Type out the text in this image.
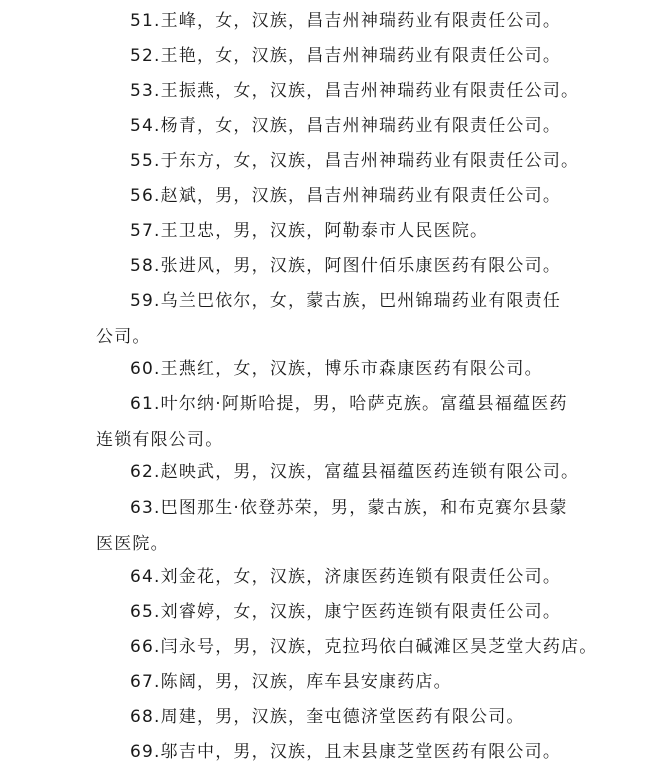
51.王峰，女，汉族，昌吉州神瑞药业有限责任公司。
52.王艳，女，汉族，昌吉州神瑞药业有限责任公司。
53.王振燕，女，汉族，昌吉州神瑞药业有限责任公司。
54.杨青，女，汉族，昌吉州神瑞药业有限责任公司。
55.于东方，女，汉族，昌吉州神瑞药业有限责任公司。
56.赵斌，男，汉族，昌吉州神瑞药业有限责任公司。
57.王卫忠，男，汉族，阿勒泰市人民医院。
58.张进风，男，汉族，阿图什佰乐康医药有限公司。
59.乌兰巴依尔，女，蒙古族，巴州锦瑞药业有限责任公司。
60.王燕红，女，汉族，博乐市森康医药有限公司。
61.叶尔纳·阿斯哈提，男，哈萨克族。富蕴县福蕴医药连锁有限公司。
62.赵映武，男，汉族，富蕴县福蕴医药连锁有限公司。
63.巴图那生·依登苏荣，男，蒙古族，和布克赛尔县蒙医医院。
64.刘金花，女，汉族，济康医药连锁有限责任公司。
65.刘睿婷，女，汉族，康宁医药连锁有限责任公司。
66.闫永号，男，汉族，克拉玛依白碱滩区昊芝堂大药店。
67.陈阔，男，汉族，库车县安康药店。
68.周建，男，汉族，奎屯德济堂医药有限公司。
69.邬吉中，男，汉族，且末县康芝堂医药有限公司。
